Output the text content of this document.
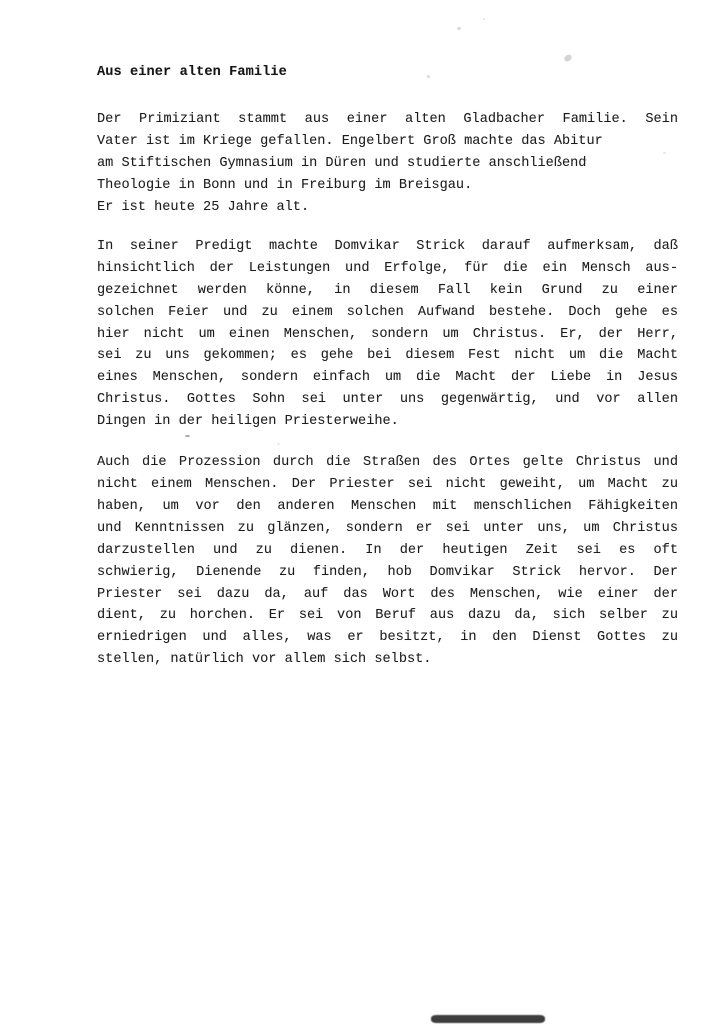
Aus einer alten Familie
Der Primiziant stammt aus einer alten Gladbacher Familie. Sein
Vater ist im Kriege gefallen. Engelbert Groß machte das Abitur
am Stiftischen Gymnasium in Düren und studierte anschließend
Theologie in Bonn und in Freiburg im Breisgau.
Er ist heute 25 Jahre alt.
In seiner Predigt machte Domvikar Strick darauf aufmerksam, daß
hinsichtlich der Leistungen und Erfolge, für die ein Mensch aus-
gezeichnet werden könne, in diesem Fall kein Grund zu einer
solchen Feier und zu einem solchen Aufwand bestehe. Doch gehe es
hier nicht um einen Menschen, sondern um Christus. Er, der Herr,
sei zu uns gekommen; es gehe bei diesem Fest nicht um die Macht
eines Menschen, sondern einfach um die Macht der Liebe in Jesus
Christus. Gottes Sohn sei unter uns gegenwärtig, und vor allen
Dingen in der heiligen Priesterweihe.
Auch die Prozession durch die Straßen des Ortes gelte Christus und
nicht einem Menschen. Der Priester sei nicht geweiht, um Macht zu
haben, um vor den anderen Menschen mit menschlichen Fähigkeiten
und Kenntnissen zu glänzen, sondern er sei unter uns, um Christus
darzustellen und zu dienen. In der heutigen Zeit sei es oft
schwierig, Dienende zu finden, hob Domvikar Strick hervor. Der
Priester sei dazu da, auf das Wort des Menschen, wie einer der
dient, zu horchen. Er sei von Beruf aus dazu da, sich selber zu
erniedrigen und alles, was er besitzt, in den Dienst Gottes zu
stellen, natürlich vor allem sich selbst.
